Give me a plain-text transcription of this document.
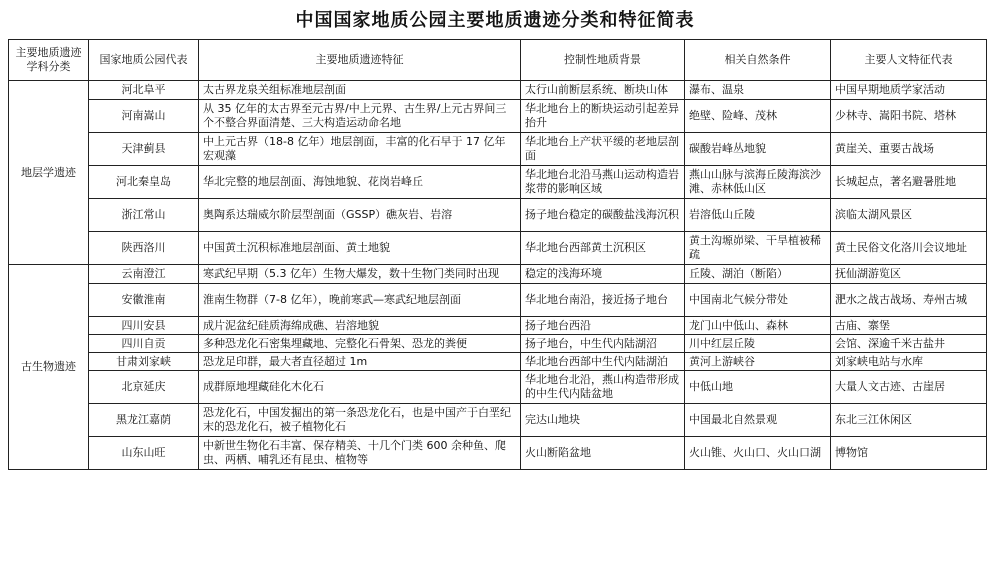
中国国家地质公园主要地质遗迹分类和特征简表
主要地质遗迹学科分类	国家地质公园代表	主要地质遗迹特征	控制性地质背景	相关自然条件	主要人文特征代表
地层学遗迹	河北阜平	太古界龙泉关组标准地层剖面	太行山前断层系统、断块山体	瀑布、温泉	中国早期地质学家活动
	河南嵩山	从 35 亿年的太古界至元古界/中上元界、古生界/上元古界间三个不整合界面清楚、三大构造运动命名地	华北地台上的断块运动引起差异抬升	绝壁、险峰、茂林	少林寺、嵩阳书院、塔林
	天津蓟县	中上元古界（18-8 亿年）地层剖面，丰富的化石早于 17 亿年宏观藻	华北地台上产状平缓的老地层剖面	碳酸岩峰丛地貌	黄崖关、重要古战场
	河北秦皇岛	华北完整的地层剖面、海蚀地貌、花岗岩峰丘	华北地台北沿马燕山运动构造岩浆带的影响区域	燕山山脉与滨海丘陵海滨沙滩、赤林低山区	长城起点，著名避暑胜地
	浙江常山	奥陶系达瑞威尔阶层型剖面（GSSP）礁灰岩、岩溶	扬子地台稳定的碳酸盐浅海沉积	岩溶低山丘陵	滨临太湖风景区
	陕西洛川	中国黄土沉积标准地层剖面、黄土地貌	华北地台西部黄土沉积区	黄土沟塬峁梁、干旱植被稀疏	黄土民俗文化洛川会议地址
古生物遗迹	云南澄江	寒武纪早期（5.3 亿年）生物大爆发，数十生物门类同时出现	稳定的浅海环境	丘陵、湖泊（断陷）	抚仙湖游览区
	安徽淮南	淮南生物群（7-8 亿年），晚前寒武—寒武纪地层剖面	华北地台南沿，接近扬子地台	中国南北气候分带处	淝水之战古战场、寿州古城
	四川安县	成片泥盆纪硅质海绵成礁、岩溶地貌	扬子地台西沿	龙门山中低山、森林	古庙、寨堡
	四川自贡	多种恐龙化石密集埋藏地、完整化石骨架、恐龙的粪便	扬子地台，中生代内陆湖沼	川中红层丘陵	会馆、深逾千米古盐井
	甘肃刘家峡	恐龙足印群，最大者直径超过 1m	华北地台西部中生代内陆湖泊	黄河上游峡谷	刘家峡电站与水库
	北京延庆	成群原地埋藏硅化木化石	华北地台北沿，燕山构造带形成的中生代内陆盆地	中低山地	大量人文古迹、古崖居
	黑龙江嘉荫	恐龙化石，中国发掘出的第一条恐龙化石，也是中国产于白垩纪末的恐龙化石，被子植物化石	完达山地块	中国最北自然景观	东北三江休闲区
	山东山旺	中新世生物化石丰富、保存精美、十几个门类 600 余种鱼、爬虫、两栖、哺乳还有昆虫、植物等	火山断陷盆地	火山锥、火山口、火山口湖	博物馆
